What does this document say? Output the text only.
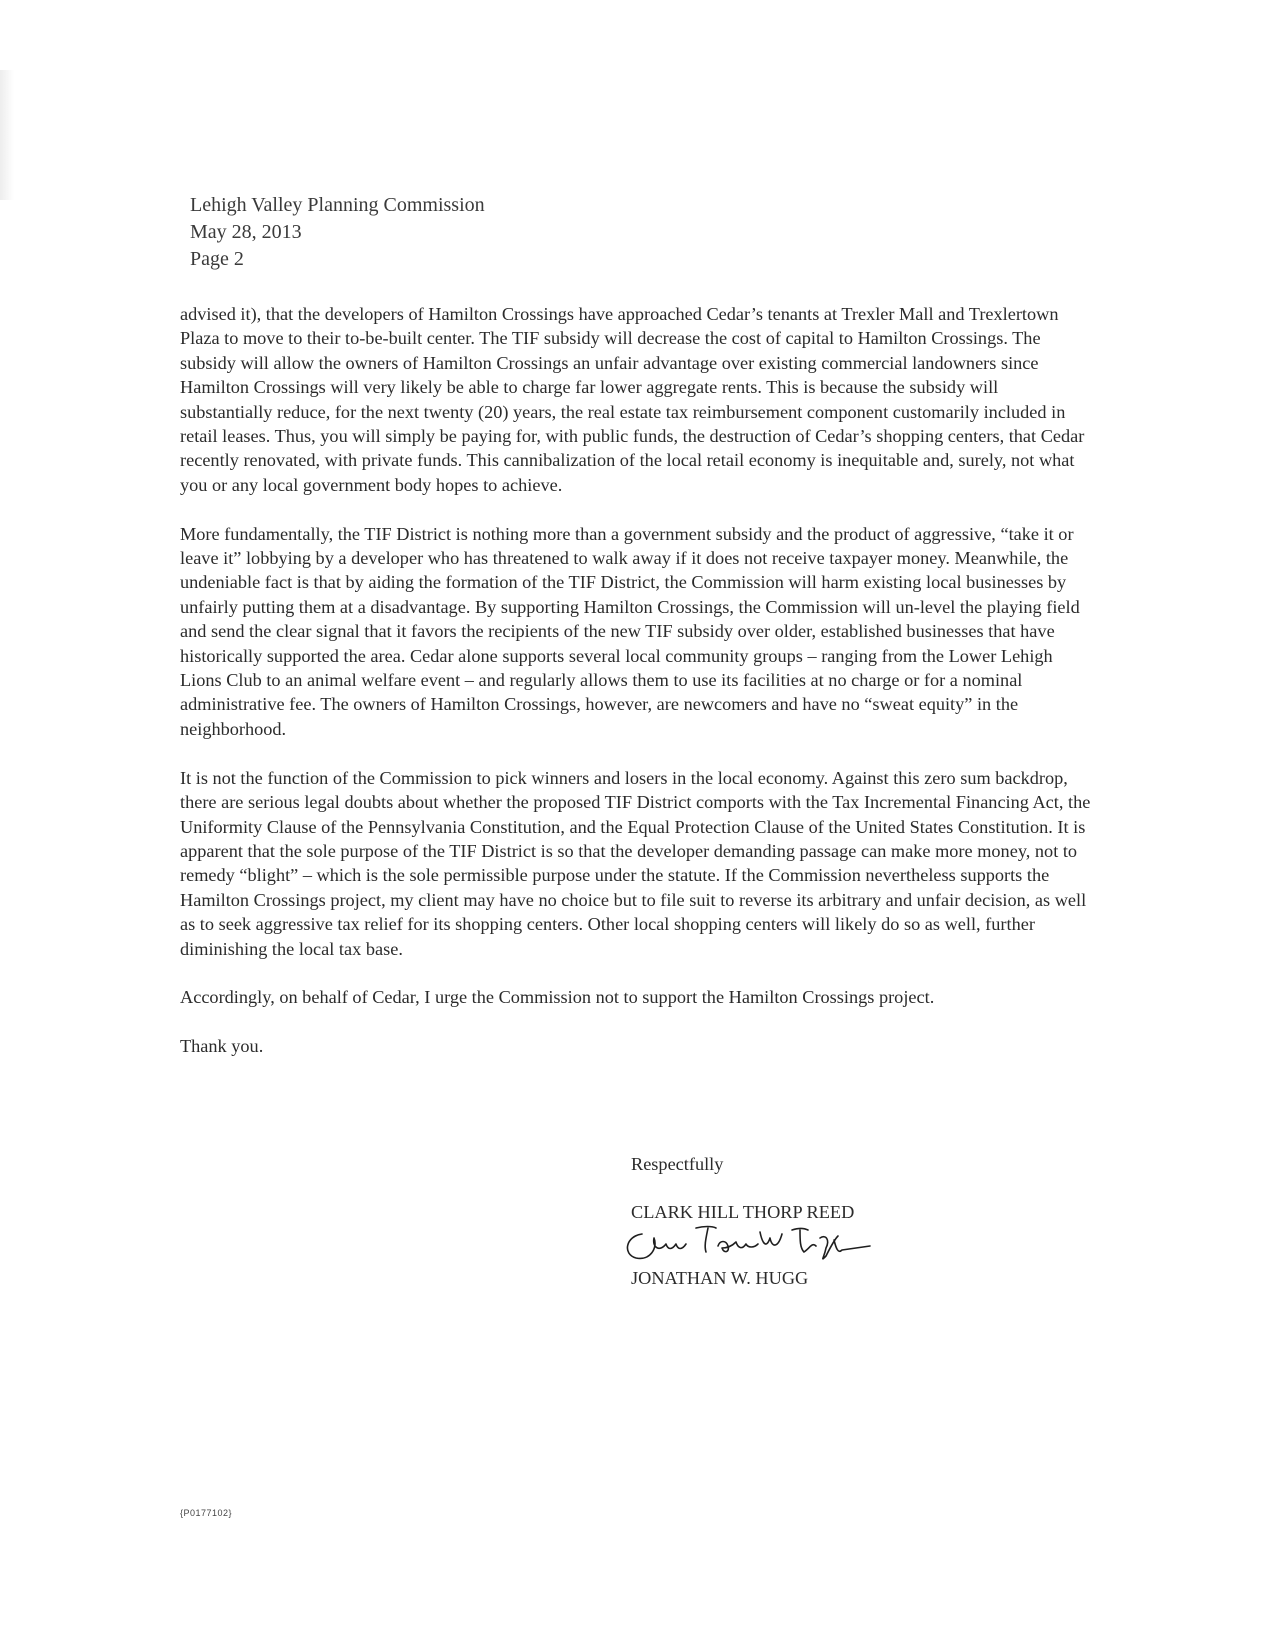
Lehigh Valley Planning Commission
May 28, 2013
Page 2

advised it), that the developers of Hamilton Crossings have approached Cedar’s tenants at Trexler Mall and Trexlertown Plaza to move to their to-be-built center. The TIF subsidy will decrease the cost of capital to Hamilton Crossings. The subsidy will allow the owners of Hamilton Crossings an unfair advantage over existing commercial landowners since Hamilton Crossings will very likely be able to charge far lower aggregate rents. This is because the subsidy will substantially reduce, for the next twenty (20) years, the real estate tax reimbursement component customarily included in retail leases. Thus, you will simply be paying for, with public funds, the destruction of Cedar’s shopping centers, that Cedar recently renovated, with private funds. This cannibalization of the local retail economy is inequitable and, surely, not what you or any local government body hopes to achieve.

More fundamentally, the TIF District is nothing more than a government subsidy and the product of aggressive, “take it or leave it” lobbying by a developer who has threatened to walk away if it does not receive taxpayer money. Meanwhile, the undeniable fact is that by aiding the formation of the TIF District, the Commission will harm existing local businesses by unfairly putting them at a disadvantage. By supporting Hamilton Crossings, the Commission will un-level the playing field and send the clear signal that it favors the recipients of the new TIF subsidy over older, established businesses that have historically supported the area. Cedar alone supports several local community groups – ranging from the Lower Lehigh Lions Club to an animal welfare event – and regularly allows them to use its facilities at no charge or for a nominal administrative fee. The owners of Hamilton Crossings, however, are newcomers and have no “sweat equity” in the neighborhood.

It is not the function of the Commission to pick winners and losers in the local economy. Against this zero sum backdrop, there are serious legal doubts about whether the proposed TIF District comports with the Tax Incremental Financing Act, the Uniformity Clause of the Pennsylvania Constitution, and the Equal Protection Clause of the United States Constitution. It is apparent that the sole purpose of the TIF District is so that the developer demanding passage can make more money, not to remedy “blight” – which is the sole permissible purpose under the statute. If the Commission nevertheless supports the Hamilton Crossings project, my client may have no choice but to file suit to reverse its arbitrary and unfair decision, as well as to seek aggressive tax relief for its shopping centers. Other local shopping centers will likely do so as well, further diminishing the local tax base.

Accordingly, on behalf of Cedar, I urge the Commission not to support the Hamilton Crossings project.

Thank you.

Respectfully
CLARK HILL THORP REED
JONATHAN W. HUGG
{P0177102}
